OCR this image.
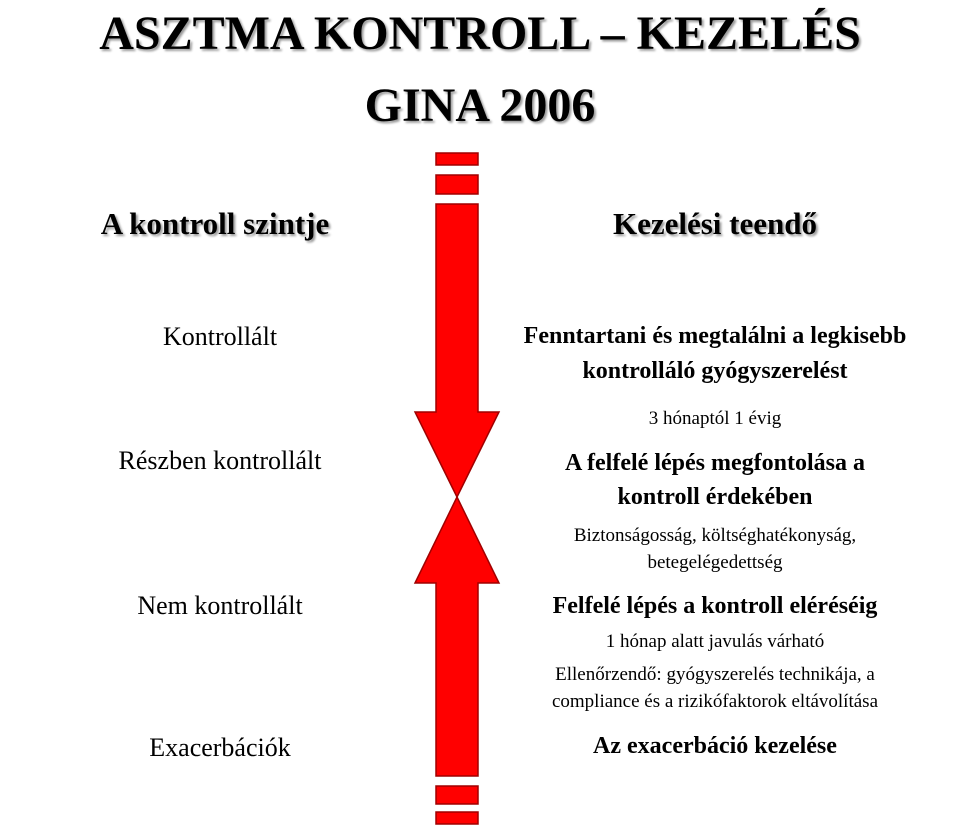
ASZTMA KONTROLL – KEZELÉS
GINA 2006
A kontroll szintje	Kezelési teendő
Kontrollált
Részben kontrollált
Nem kontrollált
Exacerbációk
Fenntartani és megtalálni a legkisebb
kontrolláló gyógyszerelést
3 hónaptól 1 évig
A felfelé lépés megfontolása a
kontroll érdekében
Biztonságosság, költséghatékonyság,
betegelégedettség
Felfelé lépés a kontroll eléréséig
1 hónap alatt javulás várható
Ellenőrzendő: gyógyszerelés technikája, a
compliance és a rizikófaktorok eltávolítása
Az exacerbáció kezelése
